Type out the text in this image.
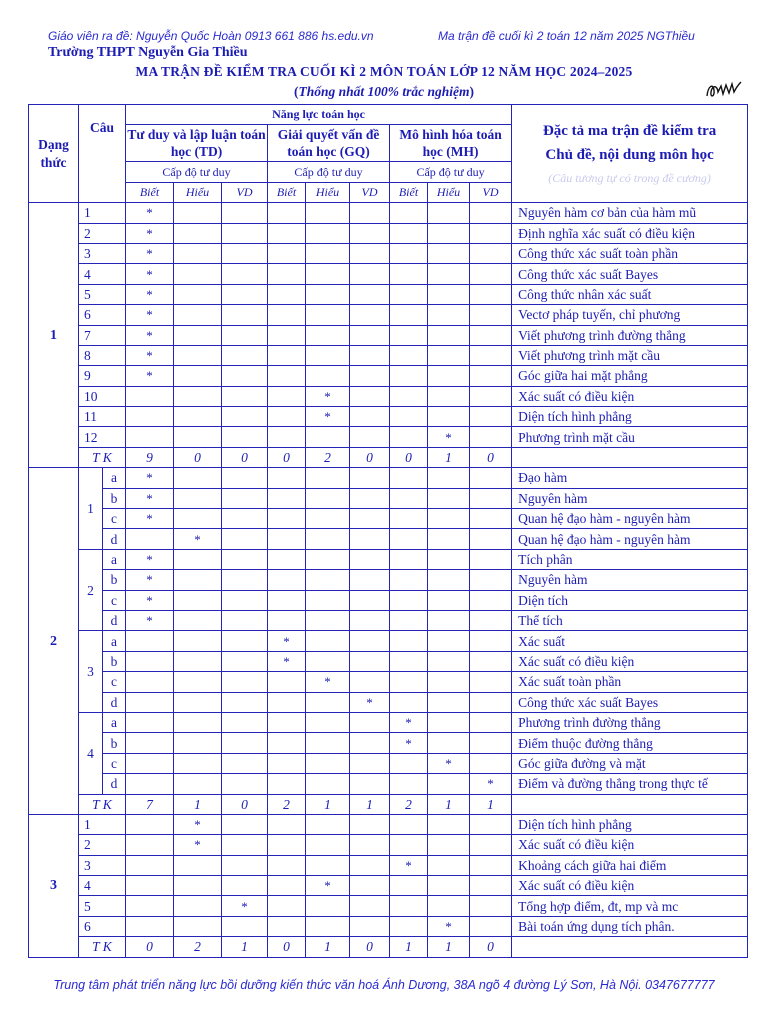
Giáo viên ra đề: Nguyễn Quốc Hoàn 0913 661 886 hs.edu.vn	Ma trận đề cuối kì 2 toán 12 năm 2025 NGThiều
Trường THPT Nguyễn Gia Thiều
MA TRẬN ĐỀ KIỂM TRA CUỐI KÌ 2 MÔN TOÁN LỚP 12 NĂM HỌC 2024–2025
(Thống nhất 100% trắc nghiệm)
Dạng thức	Câu		Năng lực toán học									Đặc tả ma trận đề kiểm tra
Chủ đề, nội dung môn học
(Câu tương tự có trong đề cương)

			Tư duy và lập luận toán học (TD)			Giải quyết vấn đề toán học (GQ)			Mô hình hóa toán học (MH)			
			Cấp độ tư duy			Cấp độ tư duy			Cấp độ tư duy			
			Biết	Hiểu	VD	Biết	Hiểu	VD	Biết	Hiểu	VD	
1	1		*									Nguyên hàm cơ bản của hàm mũ
	2		*									Định nghĩa xác suất có điều kiện
	3		*									Công thức xác suất toàn phần
	4		*									Công thức xác suất Bayes
	5		*									Công thức nhân xác suất
	6		*									Vectơ pháp tuyến, chỉ phương
	7		*									Viết phương trình đường thẳng
	8		*									Viết phương trình mặt cầu
	9		*									Góc giữa hai mặt phẳng
	10						*					Xác suất có điều kiện
	11						*					Diện tích hình phẳng
	12									*		Phương trình mặt cầu
	T K		9	0	0	0	2	0	0	1	0	
2	1	a	*									Đạo hàm
		b	*									Nguyên hàm
		c	*									Quan hệ đạo hàm - nguyên hàm
		d		*								Quan hệ đạo hàm - nguyên hàm
	2	a	*									Tích phân
		b	*									Nguyên hàm
		c	*									Diện tích
		d	*									Thể tích
	3	a				*						Xác suất
		b				*						Xác suất có điều kiện
		c					*					Xác suất toàn phần
		d						*				Công thức xác suất Bayes
	4	a							*			Phương trình đường thẳng
		b							*			Điểm thuộc đường thẳng
		c								*		Góc giữa đường và mặt
		d									*	Điểm và đường thẳng trong thực tế
	T K		7	1	0	2	1	1	2	1	1	
3	1			*								Diện tích hình phẳng
	2			*								Xác suất có điều kiện
	3								*			Khoảng cách giữa hai điểm
	4						*					Xác suất có điều kiện
	5				*							Tổng hợp điểm, đt, mp và mc
	6									*		Bài toán ứng dụng tích phân.
	T K		0	2	1	0	1	0	1	1	0	
Trung tâm phát triển năng lực bồi dưỡng kiến thức văn hoá Ánh Dương, 38A ngõ 4 đường Lý Sơn, Hà Nội. 0347677777
